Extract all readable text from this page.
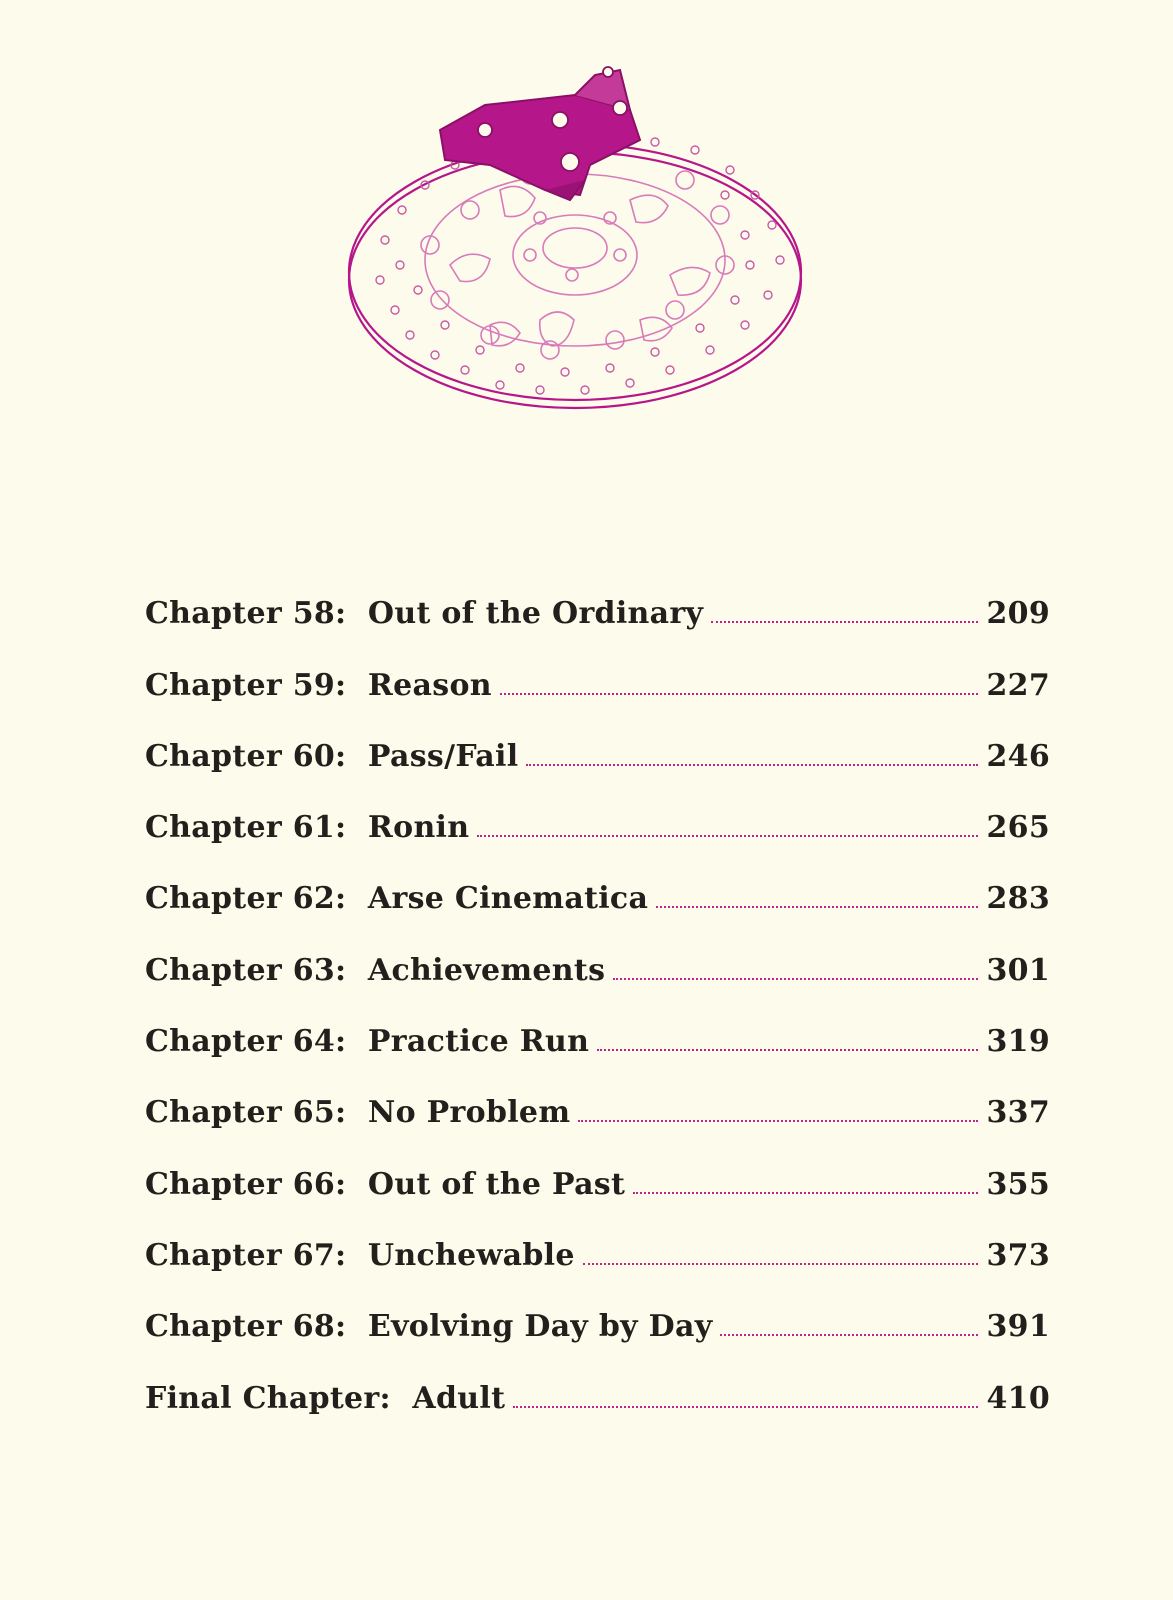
Chapter 58:  Out of the Ordinary	209
Chapter 59:  Reason	227
Chapter 60:  Pass/Fail	246
Chapter 61:  Ronin	265
Chapter 62:  Arse Cinematica	283
Chapter 63:  Achievements	301
Chapter 64:  Practice Run	319
Chapter 65:  No Problem	337
Chapter 66:  Out of the Past	355
Chapter 67:  Unchewable	373
Chapter 68:  Evolving Day by Day	391
Final Chapter:  Adult	410
